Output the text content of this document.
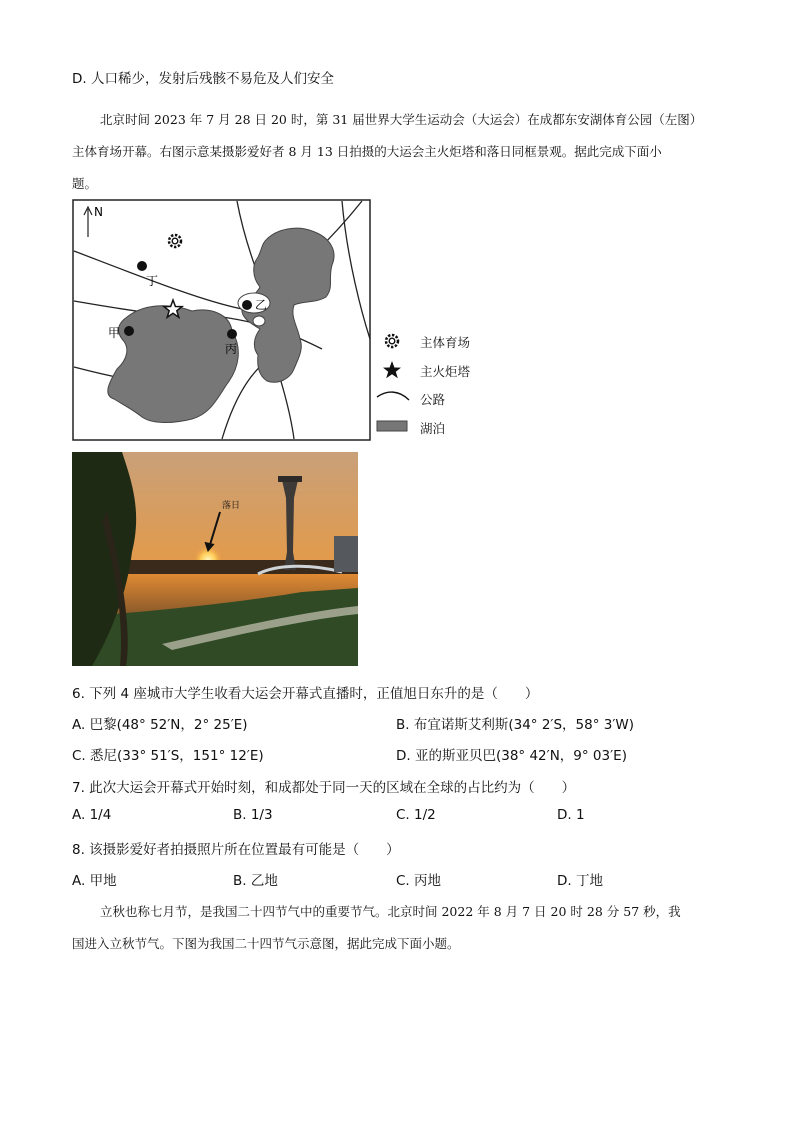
D. 人口稀少，发射后残骸不易危及人们安全
北京时间 2023 年 7 月 28 日 20 时，第 31 届世界大学生运动会（大运会）在成都东安湖体育公园（左图）
主体育场开幕。右图示意某摄影爱好者 8 月 13 日拍摄的大运会主火炬塔和落日同框景观。据此完成下面小
题。
N
丁
甲
丙
乙
主体育场
主火炬塔
公路
湖泊
落日
6. 下列 4 座城市大学生收看大运会开幕式直播时，正值旭日东升的是（　　）
A. 巴黎(48° 52′N，2° 25′E)	B. 布宜诺斯艾利斯(34° 2′S，58° 3′W)
C. 悉尼(33° 51′S，151° 12′E)	D. 亚的斯亚贝巴(38° 42′N，9° 03′E)
7. 此次大运会开幕式开始时刻，和成都处于同一天的区域在全球的占比约为（　　）
A. 1/4	B. 1/3	C. 1/2	D. 1
8. 该摄影爱好者拍摄照片所在位置最有可能是（　　）
A. 甲地	B. 乙地	C. 丙地	D. 丁地
立秋也称七月节，是我国二十四节气中的重要节气。北京时间 2022 年 8 月 7 日 20 时 28 分 57 秒，我
国进入立秋节气。下图为我国二十四节气示意图，据此完成下面小题。
